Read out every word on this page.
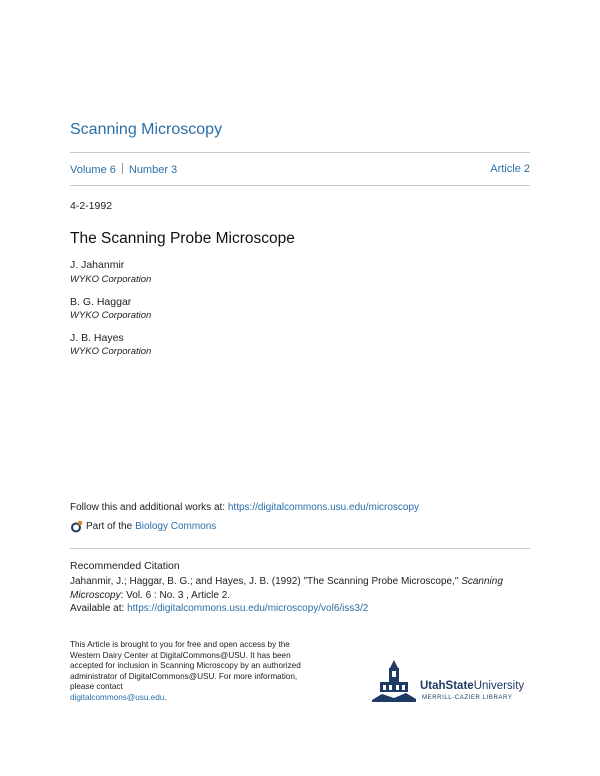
Scanning Microscopy
Volume 6 Number 3	Article 2
4-2-1992
The Scanning Probe Microscope
J. Jahanmir
WYKO Corporation
B. G. Haggar
WYKO Corporation
J. B. Hayes
WYKO Corporation
Follow this and additional works at: https://digitalcommons.usu.edu/microscopy
Part of the Biology Commons
Recommended Citation
Jahanmir, J.; Haggar, B. G.; and Hayes, J. B. (1992) "The Scanning Probe Microscope," Scanning Microscopy: Vol. 6 : No. 3 , Article 2.
Available at: https://digitalcommons.usu.edu/microscopy/vol6/iss3/2
This Article is brought to you for free and open access by the Western Dairy Center at DigitalCommons@USU. It has been accepted for inclusion in Scanning Microscopy by an authorized administrator of DigitalCommons@USU. For more information, please contact
digitalcommons@usu.edu.
UtahStateUniversity
MERRILL-CAZIER LIBRARY
